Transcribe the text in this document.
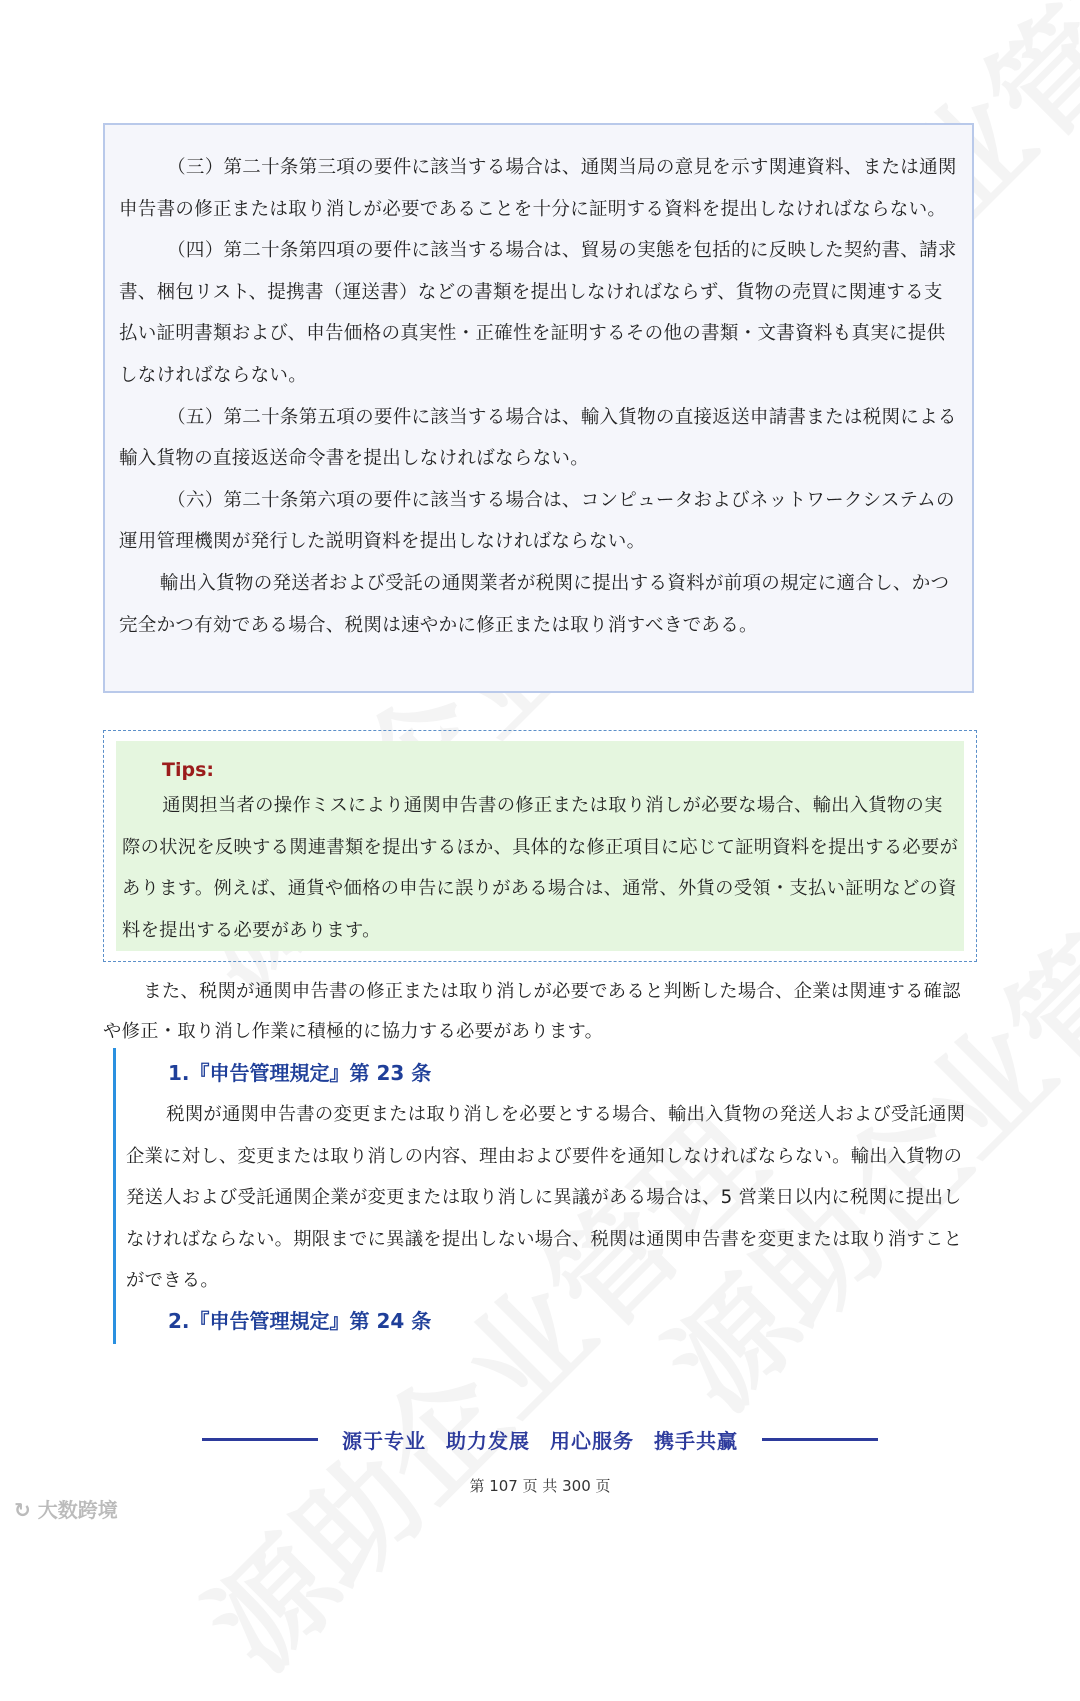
（三）第二十条第三項の要件に該当する場合は、通関当局の意見を示す関連資料、または通関申告書の修正または取り消しが必要であることを十分に証明する資料を提出しなければならない。

（四）第二十条第四項の要件に該当する場合は、貿易の実態を包括的に反映した契約書、請求書、梱包リスト、提携書（運送書）などの書類を提出しなければならず、貨物の売買に関連する支払い証明書類および、申告価格の真実性・正確性を証明するその他の書類・文書資料も真実に提供しなければならない。

（五）第二十条第五項の要件に該当する場合は、輸入貨物の直接返送申請書または税関による輸入貨物の直接返送命令書を提出しなければならない。

（六）第二十条第六項の要件に該当する場合は、コンピュータおよびネットワークシステムの運用管理機関が発行した説明資料を提出しなければならない。

輸出入貨物の発送者および受託の通関業者が税関に提出する資料が前項の規定に適合し、かつ完全かつ有効である場合、税関は速やかに修正または取り消すべきである。

Tips:

通関担当者の操作ミスにより通関申告書の修正または取り消しが必要な場合、輸出入貨物の実際の状況を反映する関連書類を提出するほか、具体的な修正項目に応じて証明資料を提出する必要があります。例えば、通貨や価格の申告に誤りがある場合は、通常、外貨の受領・支払い証明などの資料を提出する必要があります。

また、税関が通関申告書の修正または取り消しが必要であると判断した場合、企業は関連する確認や修正・取り消し作業に積極的に協力する必要があります。

1.『申告管理規定』第 23 条

税関が通関申告書の変更または取り消しを必要とする場合、輸出入貨物の発送人および受託通関企業に対し、変更または取り消しの内容、理由および要件を通知しなければならない。輸出入貨物の発送人および受託通関企業が変更または取り消しに異議がある場合は、5 営業日以内に税関に提出しなければならない。期限までに異議を提出しない場合、税関は通関申告書を変更または取り消すことができる。

2.『申告管理規定』第 24 条

源于专业 助力发展 用心服务 携手共赢
第 107 页 共 300 页
↻ 大数跨境
